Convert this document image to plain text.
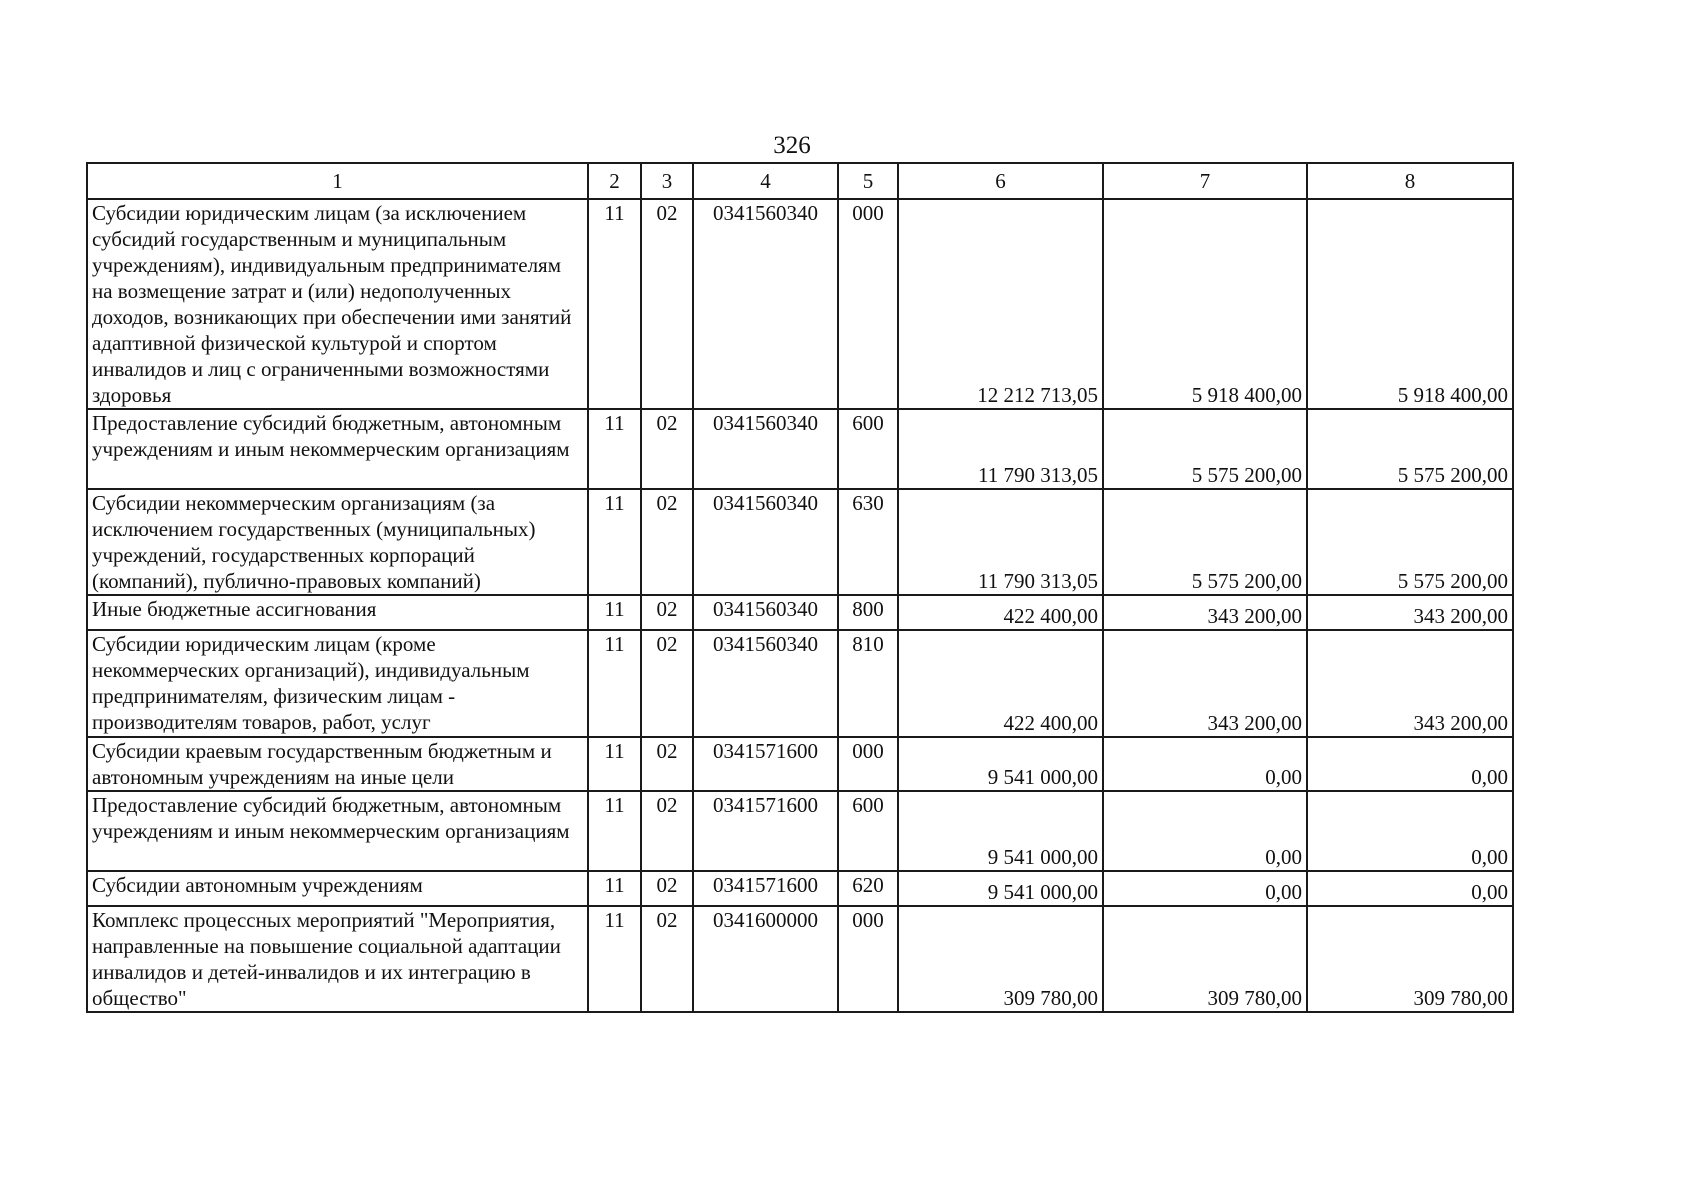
326
1	2	3	4	5	6	7	8
Субсидии юридическим лицам (за исключением субсидий государственным и муниципальным учреждениям), индивидуальным предпринимателям на возмещение затрат и (или) недополученных доходов, возникающих при обеспечении ими занятий адаптивной физической культурой и спортом инвалидов и лиц с ограниченными возможностями здоровья	11	02	0341560340	000	12 212 713,05	5 918 400,00	5 918 400,00
Предоставление субсидий бюджетным, автономным учреждениям и иным некоммерческим организациям	11	02	0341560340	600	11 790 313,05	5 575 200,00	5 575 200,00
Субсидии некоммерческим организациям (за исключением государственных (муниципальных) учреждений, государственных корпораций (компаний), публично-правовых компаний)	11	02	0341560340	630	11 790 313,05	5 575 200,00	5 575 200,00
Иные бюджетные ассигнования	11	02	0341560340	800	422 400,00	343 200,00	343 200,00
Субсидии юридическим лицам (кроме некоммерческих организаций), индивидуальным предпринимателям, физическим лицам - производителям товаров, работ, услуг	11	02	0341560340	810	422 400,00	343 200,00	343 200,00
Субсидии краевым государственным бюджетным и автономным учреждениям на иные цели	11	02	0341571600	000	9 541 000,00	0,00	0,00
Предоставление субсидий бюджетным, автономным учреждениям и иным некоммерческим организациям	11	02	0341571600	600	9 541 000,00	0,00	0,00
Субсидии автономным учреждениям	11	02	0341571600	620	9 541 000,00	0,00	0,00
Комплекс процессных мероприятий "Мероприятия, направленные на повышение социальной адаптации инвалидов и детей-инвалидов и их интеграцию в общество"	11	02	0341600000	000	309 780,00	309 780,00	309 780,00
